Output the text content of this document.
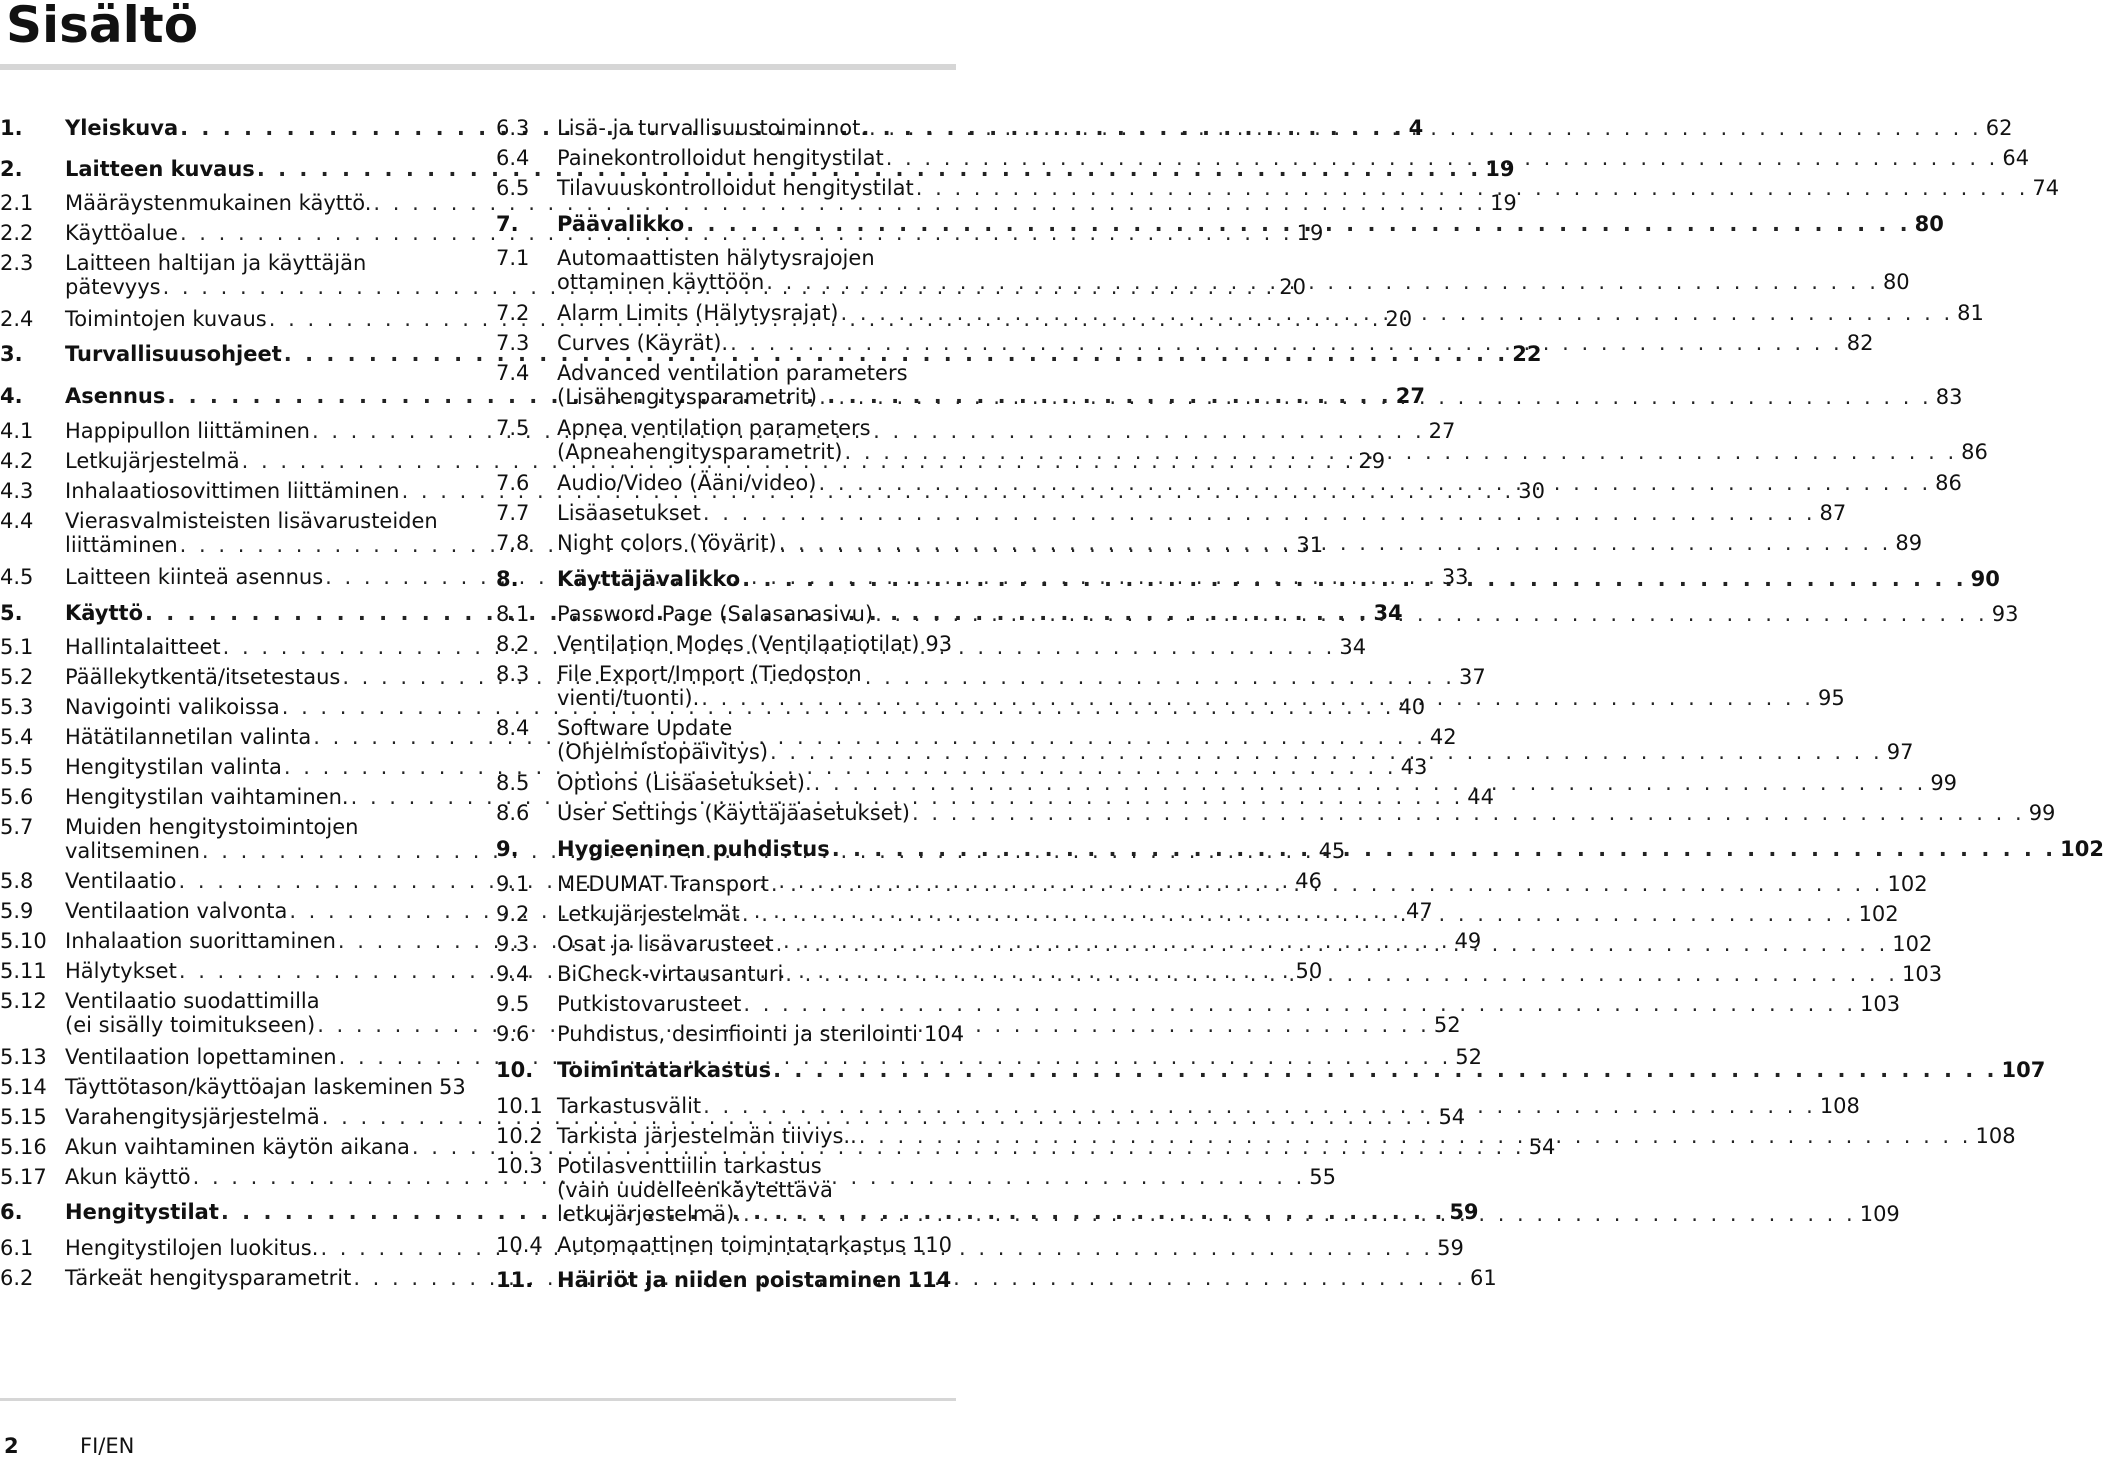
Sisältö
1. Yleiskuva . . .	4
2. Laitteen kuvaus . . .	19
2.1 Määräystenmukainen käyttö. . . .	19
2.2 Käyttöalue . . .	19
2.3 Laitteen haltijan ja käyttäjän
pätevyys . . .	20
2.4 Toimintojen kuvaus . . .	20
3. Turvallisuusohjeet . . .	22
4. Asennus . . .	27
4.1 Happipullon liittäminen . . .	27
4.2 Letkujärjestelmä . . .	29
4.3 Inhalaatiosovittimen liittäminen . . .	30
4.4 Vierasvalmisteisten lisävarusteiden
liittäminen . . .	31
4.5 Laitteen kiinteä asennus . . .	33
5. Käyttö . . .	34
5.1 Hallintalaitteet . . .	34
5.2 Päällekytkentä/itsetestaus . . .	37
5.3 Navigointi valikoissa . . .	40
5.4 Hätätilannetilan valinta . . .	42
5.5 Hengitystilan valinta . . .	43
5.6 Hengitystilan vaihtaminen. . . .	44
5.7 Muiden hengitystoimintojen
valitseminen . . .	45
5.8 Ventilaatio . . .	46
5.9 Ventilaation valvonta . . .	47
5.10 Inhalaation suorittaminen . . .	49
5.11 Hälytykset . . .	50
5.12 Ventilaatio suodattimilla
(ei sisälly toimitukseen) . . .	52
5.13 Ventilaation lopettaminen . . .	52
5.14 Täyttötason/käyttöajan laskeminen . . . 53
5.15 Varahengitysjärjestelmä . . .	54
5.16 Akun vaihtaminen käytön aikana . . .	54
5.17 Akun käyttö . . .	55
6. Hengitystilat . . .	59
6.1 Hengitystilojen luokitus. . . .	59
6.2 Tärkeät hengitysparametrit . . .	61
6.3 Lisä- ja turvallisuustoiminnot. . . .	62
6.4 Painekontrolloidut hengitystilat . . .	64
6.5 Tilavuuskontrolloidut hengitystilat . . .	74
7. Päävalikko . . .	80
7.1 Automaattisten hälytysrajojen
ottaminen käyttöön . . .	80
7.2 Alarm Limits (Hälytysrajat) . . .	81
7.3 Curves (Käyrät). . . .	82
7.4 Advanced ventilation parameters
(Lisähengitysparametrit) . . .	83
7.5 Apnea ventilation parameters
(Apneahengitysparametrit) . . .	86
7.6 Audio/Video (Ääni/video) . . .	86
7.7 Lisäasetukset . . .	87
7.8 Night colors (Yövärit) . . .	89
8. Käyttäjävalikko . . .	90
8.1 Password Page (Salasanasivu) . . .	93
8.2 Ventilation Modes (Ventilaatiotilat) . . . 93
8.3 File Export/Import (Tiedoston
vienti/tuonti). . . .	95
8.4 Software Update
(Ohjelmistopäivitys) . . .	97
8.5 Options (Lisäasetukset). . . .	99
8.6 User Settings (Käyttäjäasetukset) . . .	99
9. Hygieeninen puhdistus . . .	102
9.1 MEDUMAT Transport . . .	102
9.2 Letkujärjestelmät . . .	102
9.3 Osat ja lisävarusteet . . .	102
9.4 BiCheck-virtausanturi . . .	103
9.5 Putkistovarusteet . . .	103
9.6 Puhdistus, desinfiointi ja sterilointi . . . 104
10. Toimintatarkastus . . .	107
10.1 Tarkastusvälit . . .	108
10.2 Tarkista järjestelmän tiiviys.. . . .	108
10.3 Potilasventtiilin tarkastus
(vain uudelleenkäytettävä
letkujärjestelmä). . . .	109
10.4 Automaattinen toimintatarkastus . . . 110
11. Häiriöt ja niiden poistaminen . . . 114
2	FI/EN
